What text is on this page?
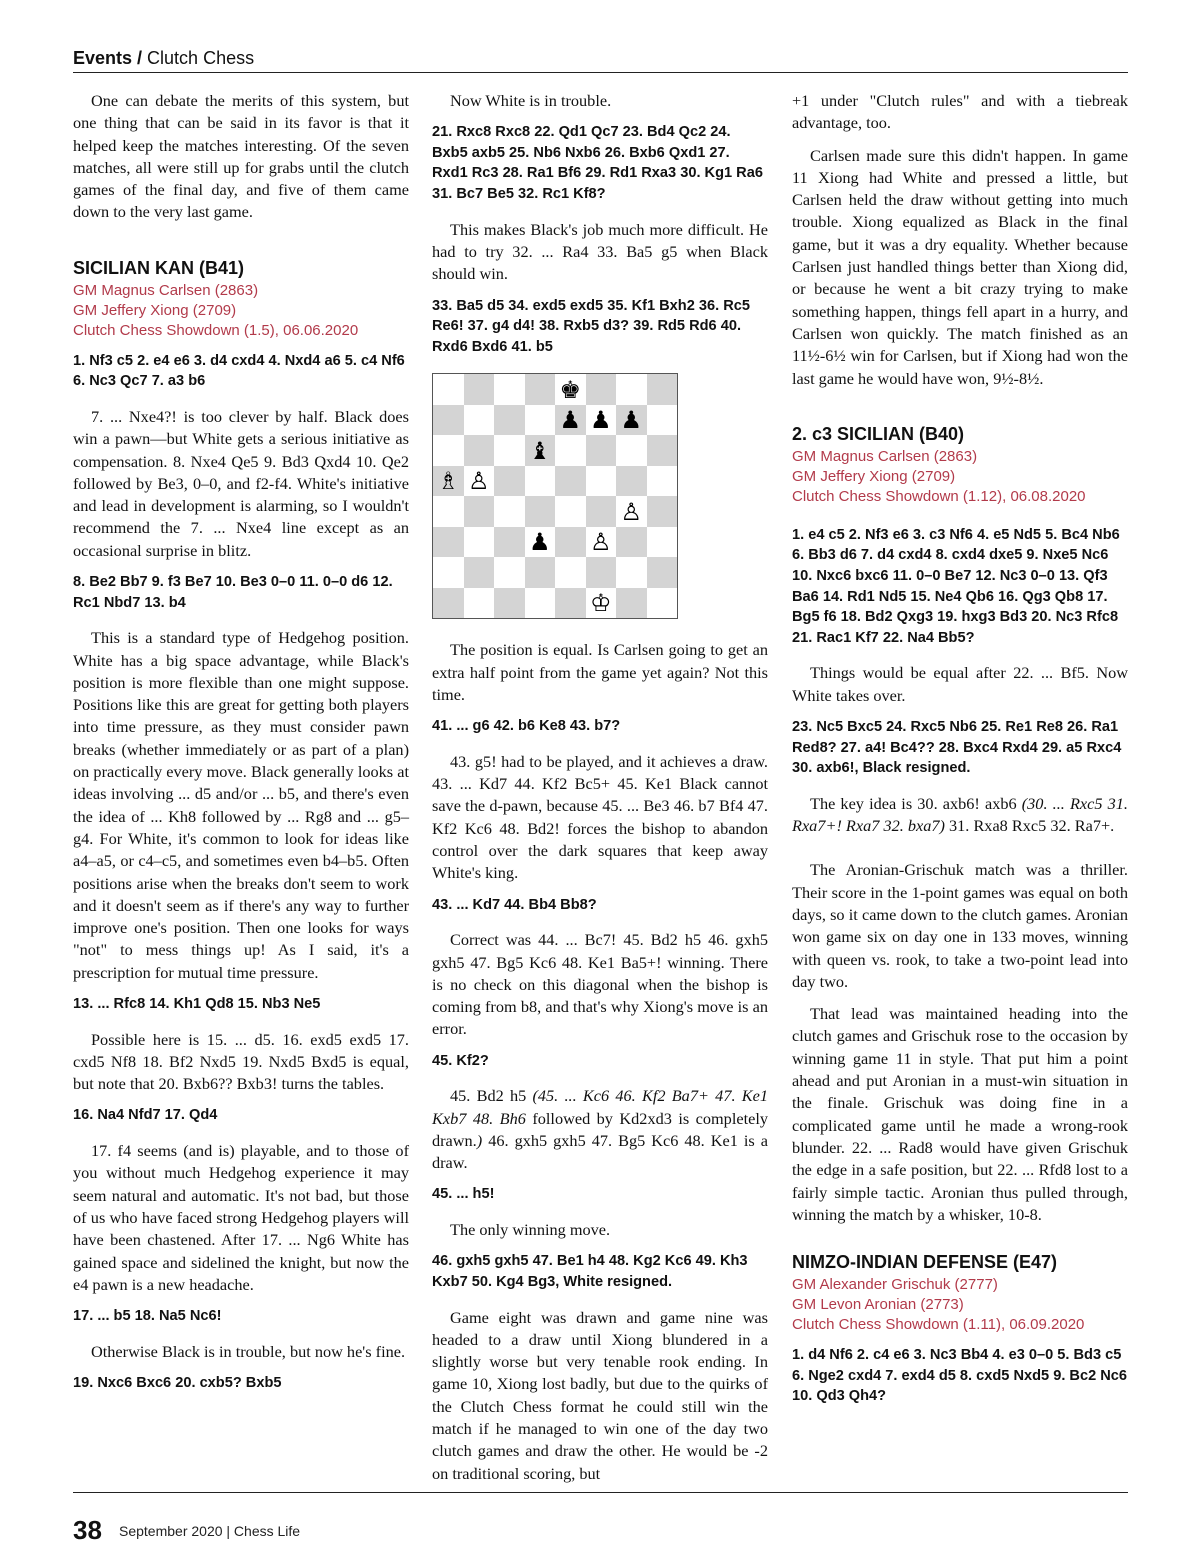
Events / Clutch Chess

One can debate the merits of this system, but one thing that can be said in its favor is that it helped keep the matches interesting. Of the seven matches, all were still up for grabs until the clutch games of the final day, and five of them came down to the very last game.

SICILIAN KAN (B41)
GM Magnus Carlsen (2863)
GM Jeffery Xiong (2709)
Clutch Chess Showdown (1.5), 06.06.2020

1. Nf3 c5 2. e4 e6 3. d4 cxd4 4. Nxd4 a6 5. c4 Nf6 6. Nc3 Qc7 7. a3 b6

7. ... Nxe4?! is too clever by half. Black does win a pawn—but White gets a serious initiative as compensation. 8. Nxe4 Qe5 9. Bd3 Qxd4 10. Qe2 followed by Be3, 0–0, and f2-f4. White's initiative and lead in development is alarming, so I wouldn't recommend the 7. ... Nxe4 line except as an occasional surprise in blitz.

8. Be2 Bb7 9. f3 Be7 10. Be3 0–0 11. 0–0 d6 12. Rc1 Nbd7 13. b4

This is a standard type of Hedgehog position. White has a big space advantage, while Black's position is more flexible than one might suppose. Positions like this are great for getting both players into time pressure, as they must consider pawn breaks (whether immediately or as part of a plan) on practically every move. Black generally looks at ideas involving ... d5 and/or ... b5, and there's even the idea of ... Kh8 followed by ... Rg8 and ... g5–g4. For White, it's common to look for ideas like a4–a5, or c4–c5, and sometimes even b4–b5. Often positions arise when the breaks don't seem to work and it doesn't seem as if there's any way to further improve one's position. Then one looks for ways "not" to mess things up! As I said, it's a prescription for mutual time pressure.

13. ... Rfc8 14. Kh1 Qd8 15. Nb3 Ne5

Possible here is 15. ... d5. 16. exd5 exd5 17. cxd5 Nf8 18. Bf2 Nxd5 19. Nxd5 Bxd5 is equal, but note that 20. Bxb6?? Bxb3! turns the tables.

16. Na4 Nfd7 17. Qd4

17. f4 seems (and is) playable, and to those of you without much Hedgehog experience it may seem natural and automatic. It's not bad, but those of us who have faced strong Hedgehog players will have been chastened. After 17. ... Ng6 White has gained space and sidelined the knight, but now the e4 pawn is a new headache.

17. ... b5 18. Na5 Nc6!

Otherwise Black is in trouble, but now he's fine.

19. Nxc6 Bxc6 20. cxb5? Bxb5

Now White is in trouble.

21. Rxc8 Rxc8 22. Qd1 Qc7 23. Bd4 Qc2 24. Bxb5 axb5 25. Nb6 Nxb6 26. Bxb6 Qxd1 27. Rxd1 Rc3 28. Ra1 Bf6 29. Rd1 Rxa3 30. Kg1 Ra6 31. Bc7 Be5 32. Rc1 Kf8?

This makes Black's job much more difficult. He had to try 32. ... Ra4 33. Ba5 g5 when Black should win.

33. Ba5 d5 34. exd5 exd5 35. Kf1 Bxh2 36. Rc5 Re6! 37. g4 d4! 38. Rxb5 d3? 39. Rd5 Rd6 40. Rxd6 Bxd6 41. b5

♚
♟ ♟ ♟
♝
♗ ♙
♙
♟ ♙
♔

The position is equal. Is Carlsen going to get an extra half point from the game yet again? Not this time.

41. ... g6 42. b6 Ke8 43. b7?

43. g5! had to be played, and it achieves a draw. 43. ... Kd7 44. Kf2 Bc5+ 45. Ke1 Black cannot save the d-pawn, because 45. ... Be3 46. b7 Bf4 47. Kf2 Kc6 48. Bd2! forces the bishop to abandon control over the dark squares that keep away White's king.

43. ... Kd7 44. Bb4 Bb8?

Correct was 44. ... Bc7! 45. Bd2 h5 46. gxh5 gxh5 47. Bg5 Kc6 48. Ke1 Ba5+! winning. There is no check on this diagonal when the bishop is coming from b8, and that's why Xiong's move is an error.

45. Kf2?

45. Bd2 h5 (45. ... Kc6 46. Kf2 Ba7+ 47. Ke1 Kxb7 48. Bh6 followed by Kd2xd3 is completely drawn.) 46. gxh5 gxh5 47. Bg5 Kc6 48. Ke1 is a draw.

45. ... h5!

The only winning move.

46. gxh5 gxh5 47. Be1 h4 48. Kg2 Kc6 49. Kh3 Kxb7 50. Kg4 Bg3, White resigned.

Game eight was drawn and game nine was headed to a draw until Xiong blundered in a slightly worse but very tenable rook ending. In game 10, Xiong lost badly, but due to the quirks of the Clutch Chess format he could still win the match if he managed to win one of the day two clutch games and draw the other. He would be -2 on traditional scoring, but

+1 under "Clutch rules" and with a tiebreak advantage, too.

Carlsen made sure this didn't happen. In game 11 Xiong had White and pressed a little, but Carlsen held the draw without getting into much trouble. Xiong equalized as Black in the final game, but it was a dry equality. Whether because Carlsen just handled things better than Xiong did, or because he went a bit crazy trying to make something happen, things fell apart in a hurry, and Carlsen won quickly. The match finished as an 11½-6½ win for Carlsen, but if Xiong had won the last game he would have won, 9½-8½.

2. c3 SICILIAN (B40)
GM Magnus Carlsen (2863)
GM Jeffery Xiong (2709)
Clutch Chess Showdown (1.12), 06.08.2020

1. e4 c5 2. Nf3 e6 3. c3 Nf6 4. e5 Nd5 5. Bc4 Nb6 6. Bb3 d6 7. d4 cxd4 8. cxd4 dxe5 9. Nxe5 Nc6 10. Nxc6 bxc6 11. 0–0 Be7 12. Nc3 0–0 13. Qf3 Ba6 14. Rd1 Nd5 15. Ne4 Qb6 16. Qg3 Qb8 17. Bg5 f6 18. Bd2 Qxg3 19. hxg3 Bd3 20. Nc3 Rfc8 21. Rac1 Kf7 22. Na4 Bb5?

Things would be equal after 22. ... Bf5. Now White takes over.

23. Nc5 Bxc5 24. Rxc5 Nb6 25. Re1 Re8 26. Ra1 Red8? 27. a4! Bc4?? 28. Bxc4 Rxd4 29. a5 Rxc4 30. axb6!, Black resigned.

The key idea is 30. axb6! axb6 (30. ... Rxc5 31. Rxa7+! Rxa7 32. bxa7) 31. Rxa8 Rxc5 32. Ra7+.

The Aronian-Grischuk match was a thriller. Their score in the 1-point games was equal on both days, so it came down to the clutch games. Aronian won game six on day one in 133 moves, winning with queen vs. rook, to take a two-point lead into day two.

That lead was maintained heading into the clutch games and Grischuk rose to the occasion by winning game 11 in style. That put him a point ahead and put Aronian in a must-win situation in the finale. Grischuk was doing fine in a complicated game until he made a wrong-rook blunder. 22. ... Rad8 would have given Grischuk the edge in a safe position, but 22. ... Rfd8 lost to a fairly simple tactic. Aronian thus pulled through, winning the match by a whisker, 10-8.

NIMZO-INDIAN DEFENSE (E47)
GM Alexander Grischuk (2777)
GM Levon Aronian (2773)
Clutch Chess Showdown (1.11), 06.09.2020

1. d4 Nf6 2. c4 e6 3. Nc3 Bb4 4. e3 0–0 5. Bd3 c5 6. Nge2 cxd4 7. exd4 d5 8. cxd5 Nxd5 9. Bc2 Nc6 10. Qd3 Qh4?

38 September 2020 | Chess Life
